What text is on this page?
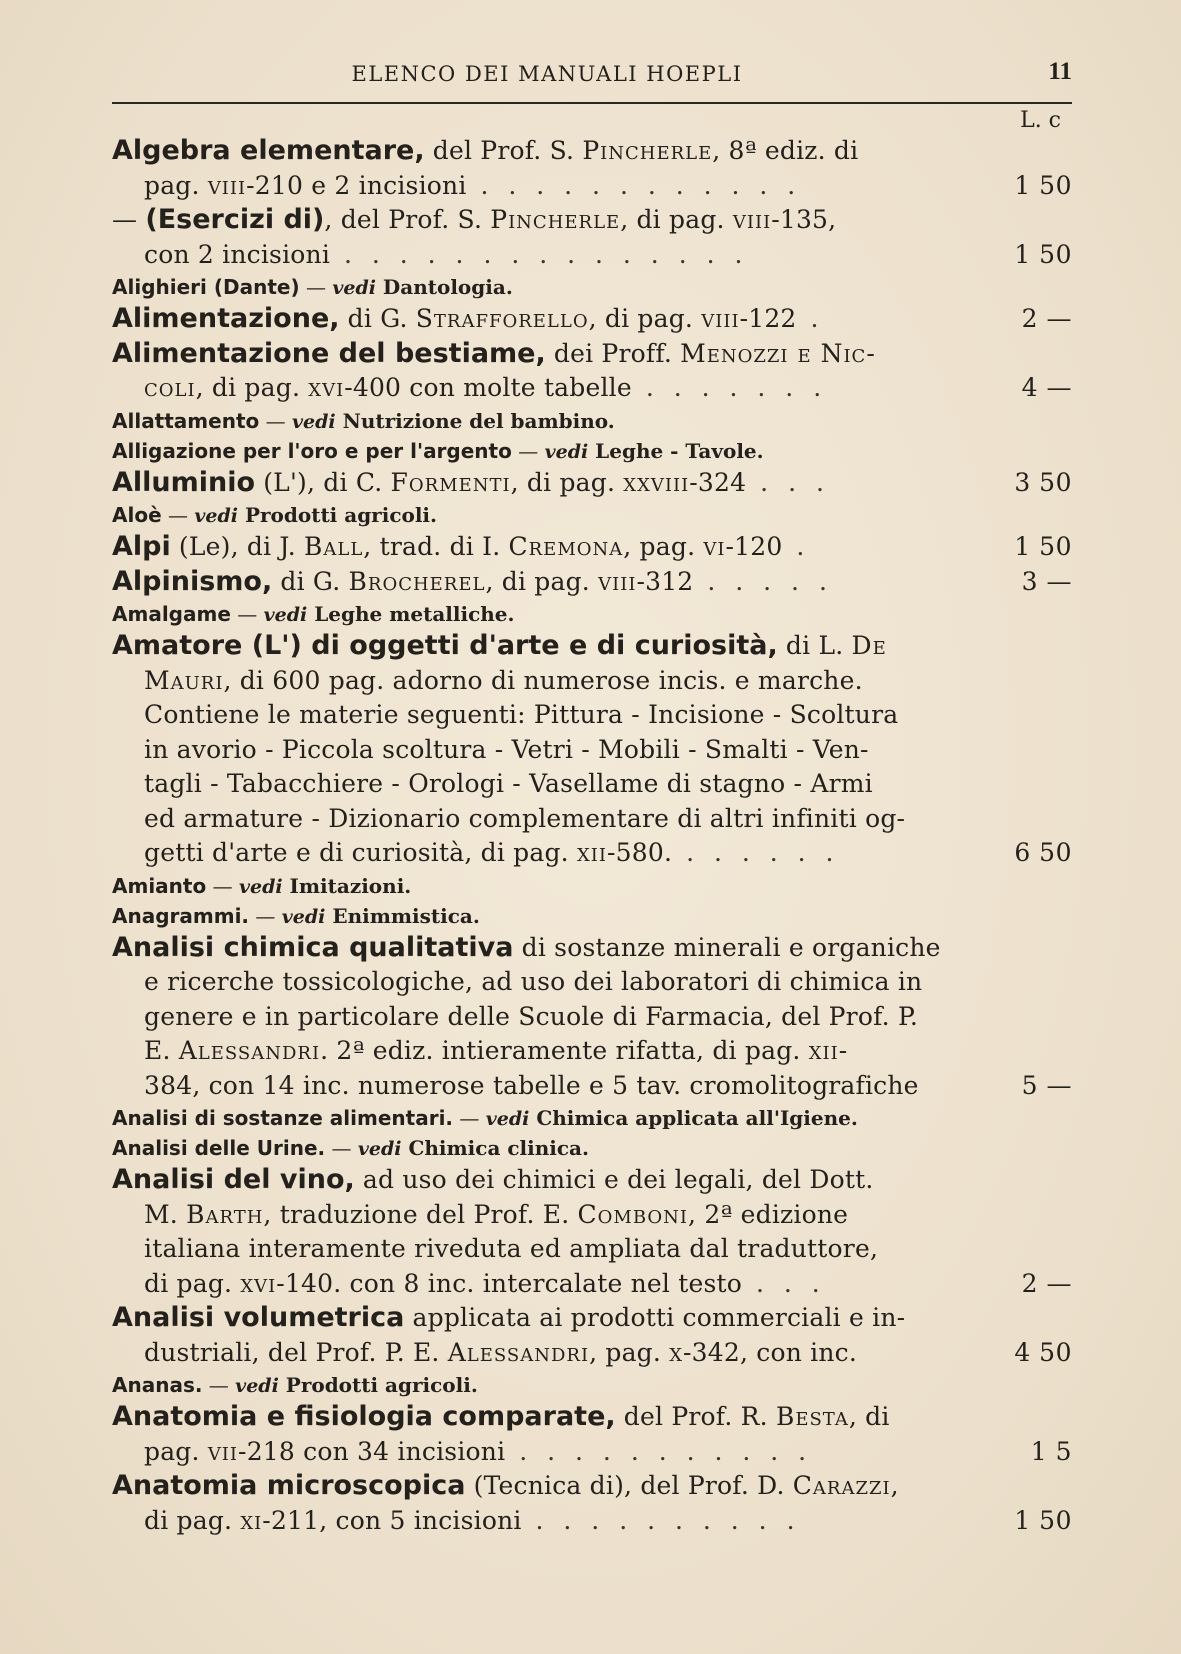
ELENCO DEI MANUALI HOEPLI	11
L. c
Algebra elementare, del Prof. S. Pincherle, 8ª ediz. di
pag. viii-210 e 2 incisioni . . . . . . . . . . . .	1 50
— (Esercizi di), del Prof. S. Pincherle, di pag. viii-135,
con 2 incisioni . . . . . . . . . . . . . . .	1 50
Alighieri (Dante) — vedi Dantologia.
Alimentazione, di G. Strafforello, di pag. viii-122 .	2 —
Alimentazione del bestiame, dei Proff. Menozzi e Nic-
coli, di pag. xvi-400 con molte tabelle . . . . . . .	4 —
Allattamento — vedi Nutrizione del bambino.
Alligazione per l'oro e per l'argento — vedi Leghe - Tavole.
Alluminio (L'), di C. Formenti, di pag. xxviii-324 . . .	3 50
Aloè — vedi Prodotti agricoli.
Alpi (Le), di J. Ball, trad. di I. Cremona, pag. vi-120 .	1 50
Alpinismo, di G. Brocherel, di pag. viii-312 . . . . .	3 —
Amalgame — vedi Leghe metalliche.
Amatore (L') di oggetti d'arte e di curiosità, di L. De
Mauri, di 600 pag. adorno di numerose incis. e marche.
Contiene le materie seguenti: Pittura - Incisione - Scoltura
in avorio - Piccola scoltura - Vetri - Mobili - Smalti - Ven-
tagli - Tabacchiere - Orologi - Vasellame di stagno - Armi
ed armature - Dizionario complementare di altri infiniti og-
getti d'arte e di curiosità, di pag. xii-580. . . . . . .	6 50
Amianto — vedi Imitazioni.
Anagrammi. — vedi Enimmistica.
Analisi chimica qualitativa di sostanze minerali e organiche
e ricerche tossicologiche, ad uso dei laboratori di chimica in
genere e in particolare delle Scuole di Farmacia, del Prof. P.
E. Alessandri. 2ª ediz. intieramente rifatta, di pag. xii-
384, con 14 inc. numerose tabelle e 5 tav. cromolitografiche	5 —
Analisi di sostanze alimentari. — vedi Chimica applicata all'Igiene.
Analisi delle Urine. — vedi Chimica clinica.
Analisi del vino, ad uso dei chimici e dei legali, del Dott.
M. Barth, traduzione del Prof. E. Comboni, 2ª edizione
italiana interamente riveduta ed ampliata dal traduttore,
di pag. xvi-140. con 8 inc. intercalate nel testo . . .	2 —
Analisi volumetrica applicata ai prodotti commerciali e in-
dustriali, del Prof. P. E. Alessandri, pag. x-342, con inc.	4 50
Ananas. — vedi Prodotti agricoli.
Anatomia e fisiologia comparate, del Prof. R. Besta, di
pag. vii-218 con 34 incisioni . . . . . . . . . . .	1 5
Anatomia microscopica (Tecnica di), del Prof. D. Carazzi,
di pag. xi-211, con 5 incisioni . . . . . . . . . .	1 50
